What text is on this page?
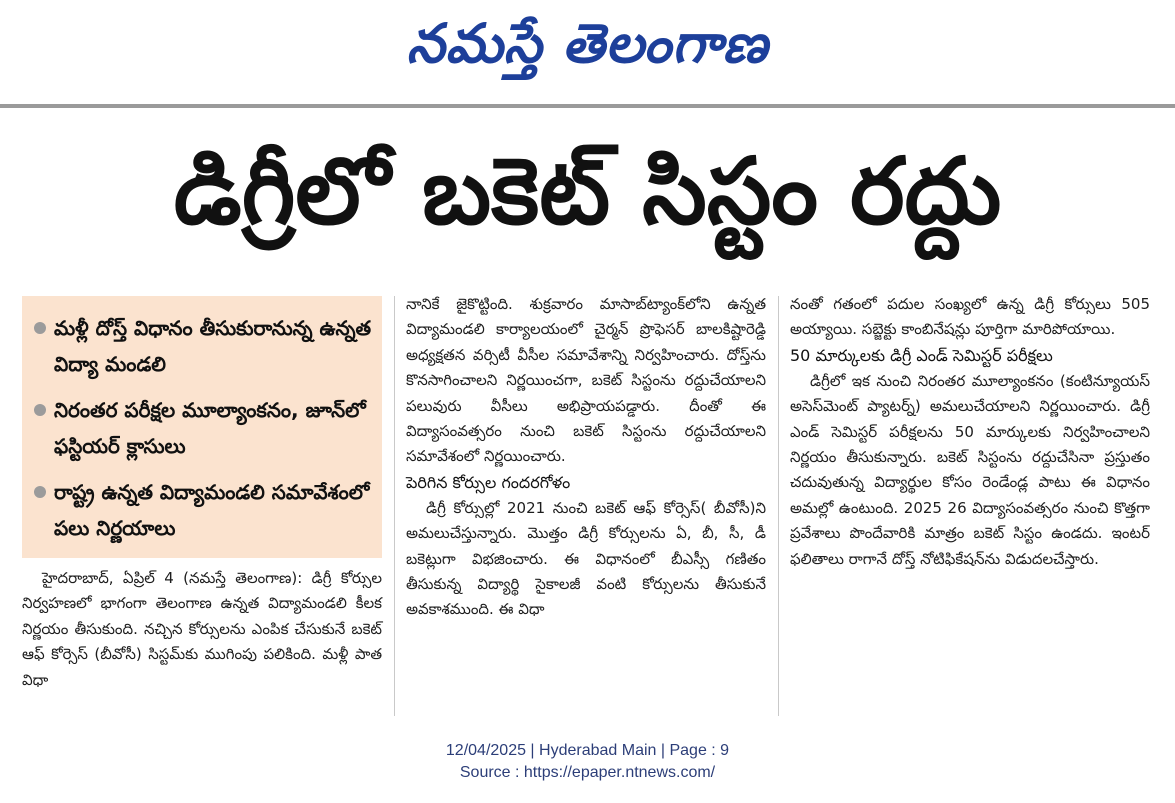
నమస్తే తెలంగాణ
డిగ్రీలో బకెట్ సిస్టం రద్దు
మళ్లీ దోస్త్ విధానం తీసుకురానున్న ఉన్నత విద్యా మండలి
నిరంతర పరీక్షల మూల్యాంకనం, జూన్‌లో ఫస్టియర్ క్లాసులు
రాష్ట్ర ఉన్నత విద్యామండలి సమావేశంలో పలు నిర్ణయాలు

హైదరాబాద్, ఏప్రిల్ 4 (నమస్తే తెలంగాణ): డిగ్రీ కోర్సుల నిర్వహణలో భాగంగా తెలంగాణ ఉన్నత విద్యామండలి కీలక నిర్ణయం తీసుకుంది. నచ్చిన కోర్సులను ఎంపిక చేసుకునే బకెట్ ఆఫ్ కోర్సెస్ (బీవోసీ) సిస్టమ్‌కు ముగింపు పలికింది. మళ్లీ పాత విధా

నానికే జైకొట్టింది. శుక్రవారం మాసాబ్‌ట్యాంక్‌లోని ఉన్నత విద్యామండలి కార్యాలయంలో చైర్మన్ ప్రొఫెసర్ బాలకిష్టారెడ్డి అధ్యక్షతన వర్సిటీ వీసీల సమావేశాన్ని నిర్వహించారు. దోస్త్‌ను కొనసాగించాలని నిర్ణయించగా, బకెట్ సిస్టంను రద్దుచేయాలని పలువురు వీసీలు అభిప్రాయపడ్డారు. దీంతో ఈ విద్యాసంవత్సరం నుంచి బకెట్ సిస్టంను రద్దుచేయాలని సమావేశంలో నిర్ణయించారు.

పెరిగిన కోర్సుల గందరగోళం

డిగ్రీ కోర్సుల్లో 2021 నుంచి బకెట్ ఆఫ్ కోర్సెస్( బీవోసీ)ని అమలుచేస్తున్నారు. మొత్తం డిగ్రీ కోర్సులను ఏ, బీ, సీ, డీ బకెట్లుగా విభజించారు. ఈ విధానంలో బీఎస్సీ గణితం తీసుకున్న విద్యార్థి సైకాలజీ వంటి కోర్సులను తీసుకునే అవకాశముంది. ఈ విధా

నంతో గతంలో పదుల సంఖ్యలో ఉన్న డిగ్రీ కోర్సులు 505 అయ్యాయి. సబ్జెక్టు కాంబినేషన్లు పూర్తిగా మారిపోయాయి.

50 మార్కులకు డిగ్రీ ఎండ్ సెమిస్టర్ పరీక్షలు

డిగ్రీలో ఇక నుంచి నిరంతర మూల్యాంకనం (కంటిన్యూయస్ అసెస్‌మెంట్ ప్యాటర్న్) అమలుచేయాలని నిర్ణయించారు. డిగ్రీ ఎండ్ సెమిస్టర్ పరీక్షలను 50 మార్కులకు నిర్వహించాలని నిర్ణయం తీసుకున్నారు. బకెట్ సిస్టంను రద్దుచేసినా ప్రస్తుతం చదువుతున్న విద్యార్థుల కోసం రెండేండ్ల పాటు ఈ విధానం అమల్లో ఉంటుంది. 2025 26 విద్యాసంవత్సరం నుంచి కొత్తగా ప్రవేశాలు పొందేవారికి మాత్రం బకెట్ సిస్టం ఉండదు. ఇంటర్ ఫలితాలు రాగానే దోస్త్ నోటిఫికేషన్‌ను విడుదలచేస్తారు.

12/04/2025 | Hyderabad Main | Page : 9
Source : https://epaper.ntnews.com/
